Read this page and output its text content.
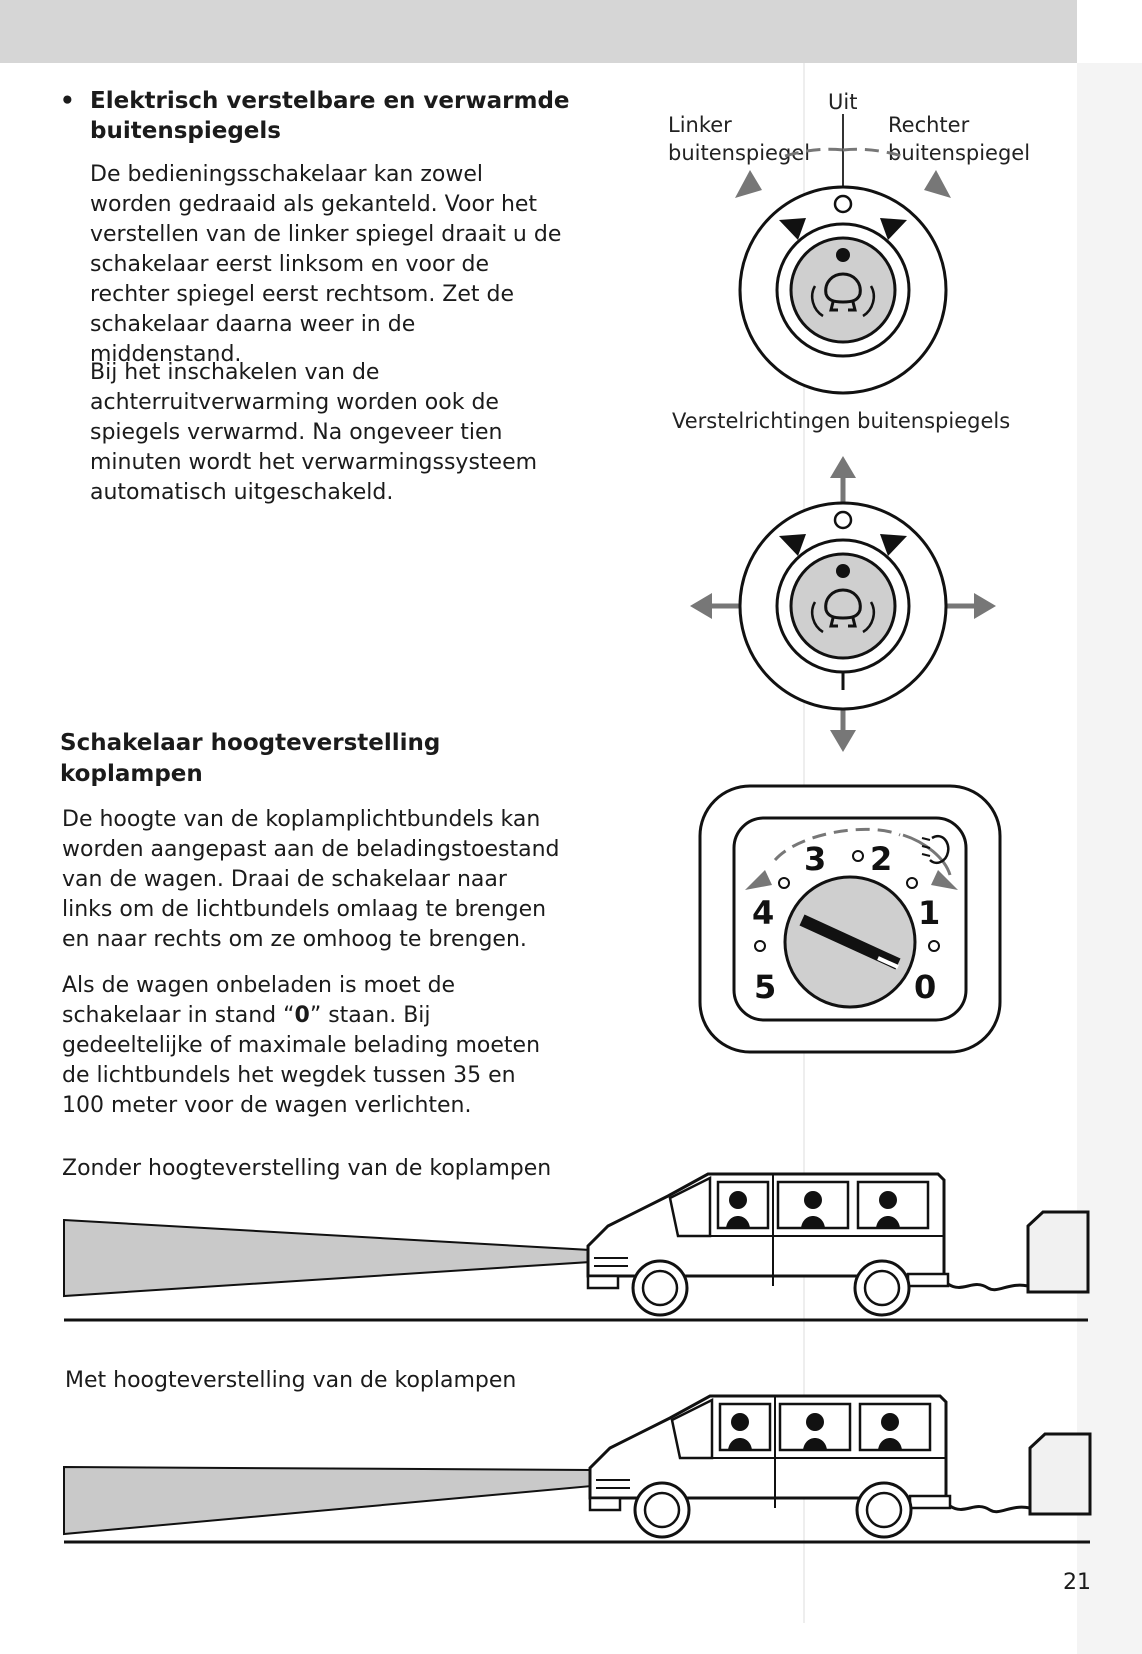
• Elektrisch verstelbare en verwarmde buitenspiegels

De bedieningsschakelaar kan zowel worden gedraaid als gekanteld. Voor het verstellen van de linker spiegel draait u de schakelaar eerst linksom en voor de rechter spiegel eerst rechtsom. Zet de schakelaar daarna weer in de middenstand.

Bij het inschakelen van de achterruitverwarming worden ook de spiegels verwarmd. Na ongeveer tien minuten wordt het verwarmingssysteem automatisch uitgeschakeld.

Schakelaar hoogteverstelling koplampen

De hoogte van de koplamplichtbundels kan worden aangepast aan de beladingstoestand van de wagen. Draai de schakelaar naar links om de lichtbundels omlaag te brengen en naar rechts om ze omhoog te brengen.

Als de wagen onbeladen is moet de schakelaar in stand “0” staan. Bij gedeeltelijke of maximale belading moeten de lichtbundels het wegdek tussen 35 en 100 meter voor de wagen verlichten.

Zonder hoogteverstelling van de koplampen
Met hoogteverstelling van de koplampen
21
Uit
Linker buitenspiegel
Rechter buitenspiegel
Verstelrichtingen buitenspiegels
0
1
2
3
4
5
